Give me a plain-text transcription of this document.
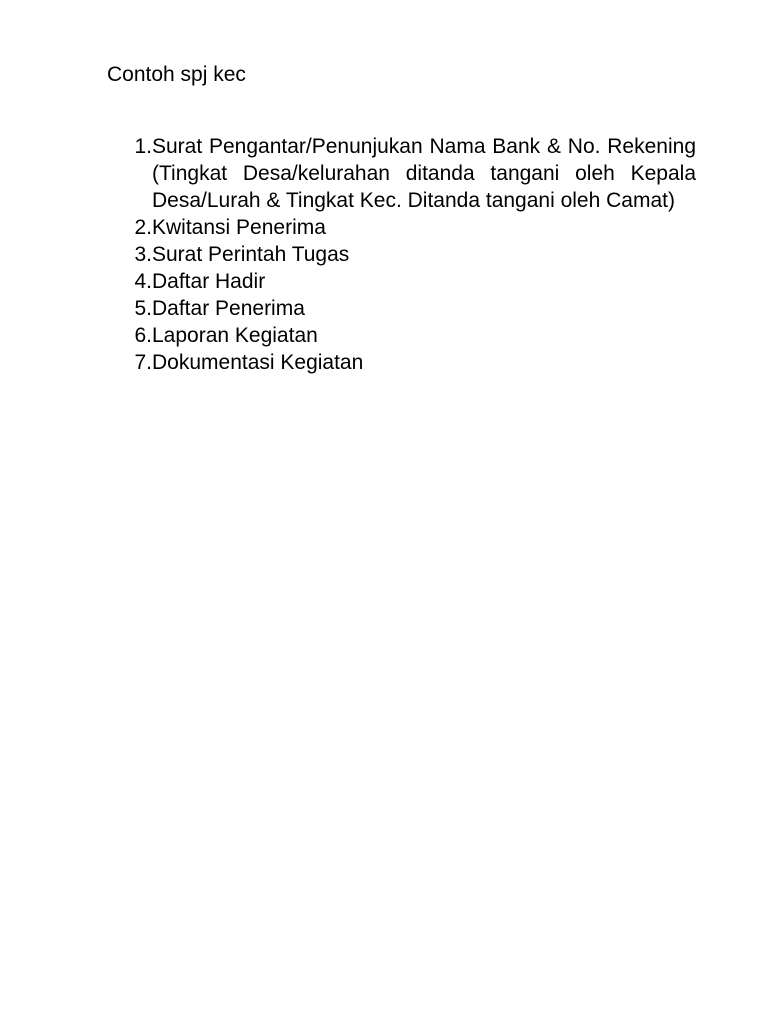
Contoh spj kec
1. Surat Pengantar/Penunjukan Nama Bank & No. Rekening (Tingkat Desa/kelurahan ditanda tangani oleh Kepala Desa/Lurah & Tingkat Kec. Ditanda tangani oleh Camat)
2. Kwitansi Penerima
3. Surat Perintah Tugas
4. Daftar Hadir
5. Daftar Penerima
6. Laporan Kegiatan
7. Dokumentasi Kegiatan
